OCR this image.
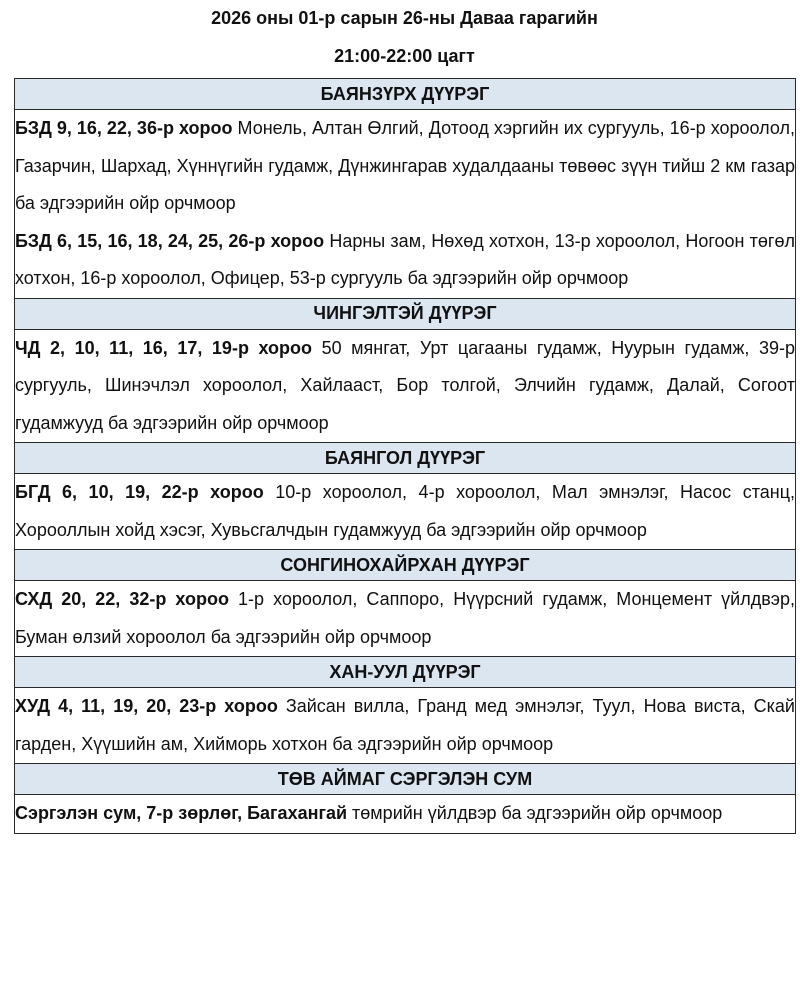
2026 оны 01-р сарын 26-ны Даваа гарагийн
21:00-22:00 цагт
БАЯНЗҮРХ ДҮҮРЭГ

БЗД 9, 16, 22, 36-р хороо Монель, Алтан Өлгий, Дотоод хэргийн их сургууль, 16-р хороолол, Газарчин, Шархад, Хүннүгийн гудамж, Дүнжингарав худалдааны төвөөс зүүн тийш 2 км газар ба эдгээрийн ойр орчмоор

БЗД 6, 15, 16, 18, 24, 25, 26-р хороо Нарны зам, Нөхөд хотхон, 13-р хороолол, Ногоон төгөл хотхон, 16-р хороолол, Офицер, 53-р сургууль ба эдгээрийн ойр орчмоор

ЧИНГЭЛТЭЙ ДҮҮРЭГ

ЧД 2, 10, 11, 16, 17, 19-р хороо 50 мянгат, Урт цагааны гудамж, Нуурын гудамж, 39-р сургууль, Шинэчлэл хороолол, Хайлааст, Бор толгой, Элчийн гудамж, Далай, Согоот гудамжууд ба эдгээрийн ойр орчмоор

БАЯНГОЛ ДҮҮРЭГ

БГД 6, 10, 19, 22-р хороо 10-р хороолол, 4-р хороолол, Мал эмнэлэг, Насос станц, Хорооллын хойд хэсэг, Хувьсгалчдын гудамжууд ба эдгээрийн ойр орчмоор

СОНГИНОХАЙРХАН ДҮҮРЭГ

СХД 20, 22, 32-р хороо 1-р хороолол, Саппоро, Нүүрсний гудамж, Монцемент үйлдвэр, Буман өлзий хороолол ба эдгээрийн ойр орчмоор

ХАН-УУЛ ДҮҮРЭГ

ХУД 4, 11, 19, 20, 23-р хороо Зайсан вилла, Гранд мед эмнэлэг, Туул, Нова виста, Скай гарден, Хүүшийн ам, Хийморь хотхон ба эдгээрийн ойр орчмоор

ТӨВ АЙМАГ СЭРГЭЛЭН СУМ

Сэргэлэн сум, 7-р зөрлөг, Багахангай төмрийн үйлдвэр ба эдгээрийн ойр орчмоор
